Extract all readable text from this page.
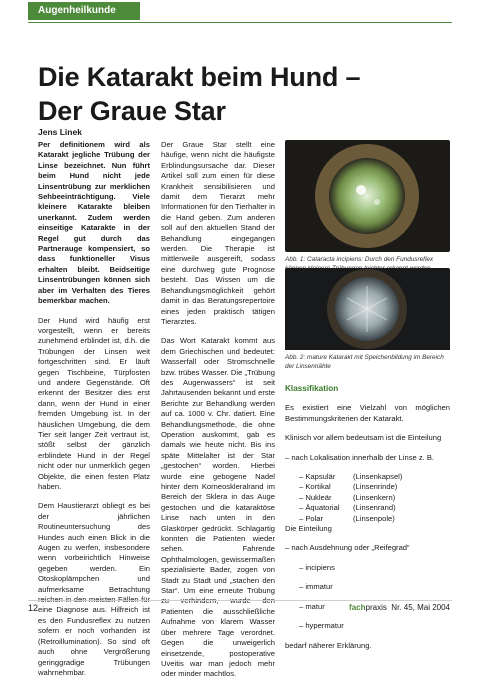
Augenheilkunde
Die Katarakt beim Hund –
Der Graue Star
Jens Linek

Per definitionem wird als Katarakt jegliche Trübung der Linse bezeichnet. Nun führt beim Hund nicht jede Linsentrübung zur merklichen Sehbeeinträchtigung. Viele kleinere Katarakte bleiben unerkannt. Zudem werden einseitige Katarakte in der Regel gut durch das Partnerauge kompensiert, so dass funktioneller Visus erhalten bleibt. Beidseitige Linsentrübungen können sich aber im Verhalten des Tieres bemerkbar machen.

Der Hund wird häufig erst vorgestellt, wenn er bereits zunehmend erblindet ist, d.h. die Trübungen der Linsen weit fortgeschritten sind. Er läuft gegen Tischbeine, Türpfosten und andere Gegenstände. Oft erkennt der Besitzer dies erst dann, wenn der Hund in einer fremden Umgebung ist. In der häuslichen Umgebung, die dem Tier seit langer Zeit vertraut ist, stößt selbst der gänzlich erblindete Hund in der Regel nicht oder nur unmerklich gegen Objekte, die einen festen Platz haben.

Dem Haustierarzt obliegt es bei der jährlichen Routineuntersuchung des Hundes auch einen Blick in die Augen zu werfen, insbesondere wenn vorbeirichtlich Hinweise gegeben werden. Ein Otoskoplämpchen und aufmerksame Betrachtung eine Diagnose aus. Hilfreich ist es den Fundusreflex zu nutzen sofern er noch vorhanden ist (Retroillumination). So sind oft auch ohne Vergrößerung geringgradige Trübungen wahrnehmbar.

Der Graue Star stellt eine häufige, wenn nicht die häufigste Erblindungsursache dar. Dieser Artikel soll zum einen für diese Krankheit sensibilisieren und damit dem Tierarzt mehr Informationen für den Tierhalter in die Hand geben. Zum anderen soll auf den aktuellen Stand der Behandlung eingegangen werden. Die Therapie ist mittlerweile ausgereift, sodass eine durchweg gute Prognose besteht. Das Wissen um die Behandlungsmöglichkeit gehört damit in das Beratungsrepertoire eines jeden praktisch tätigen Tierarztes.

Das Wort Katarakt kommt aus dem Griechischen und bedeutet: Wasserfall oder Stromschnelle bzw. trübes Wasser. Die „Trübung des Augenwassers“ ist seit Jahrtausenden bekannt und erste Berichte zur Behandlung werden auf ca. 1000 v. Chr. datiert. Eine Behandlungsmethode, die ohne Operation auskommt, gab es damals wie heute nicht. Bis ins späte Mittelalter ist der Star „gestochen“ worden. Hierbei wurde eine gebogene Nadel hinter dem Korneoskleralrand im Bereich der Sklera in das Auge gestochen und die kataraktöse Linse nach unten in den Glaskörper gedrückt. Schlagartig konnten die Patienten wieder sehen. Fahrende Ophthalmologen, gewissermaßen spezialisierte Bader, zogen von Stadt zu Stadt und „stachen den Star“. Um eine erneute Trübung Patienten die ausschließliche Aufnahme von klarem Wasser über mehrere Tage verordnet. Gegen die unweigerlich einsetzende, postoperative Uveitis war man jedoch mehr oder minder machtlos.

Abb. 1: Cataracta incipiens: Durch den Fundusreflex
Abb. 2: mature Katarakt mit Speichenbildung im Bereich der Linsennähte

Klassifikation

Es existiert eine Vielzahl von möglichen Bestimmungskriterien der Katarakt.

Klinisch vor allem bedeutsam ist die Einteilung

– nach Lokalisation innerhalb der Linse z. B.

– Kapsulär	(Linsenkapsel)
– Kortikal	(Linsenrinde)
– Nukleär	(Linsenkern)
– Äquatorial	(Linsenrand)
– Polar	(Linsenpole)

Die Einteilung

– nach Ausdehnung oder „Reifegrad“

– incipiens

– immatur

– matur

– hypermatur

bedarf näherer Erklärung.

12	fachpraxis Nr. 45, Mai 2004
